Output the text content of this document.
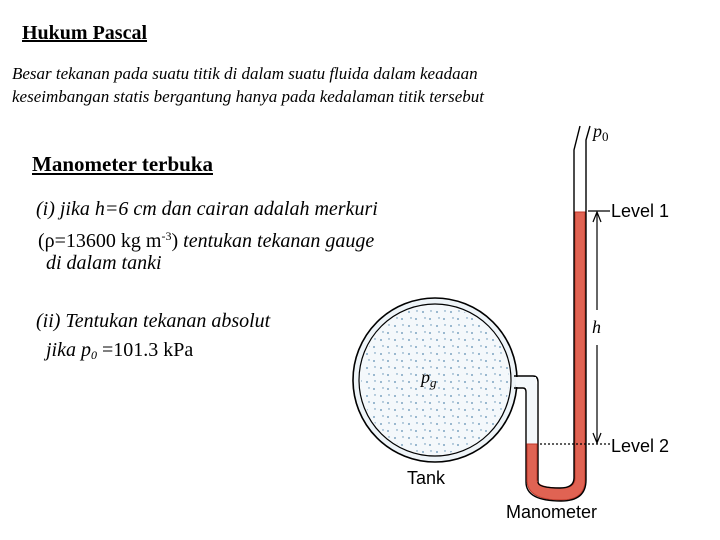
Hukum Pascal
Besar tekanan pada suatu titik di dalam suatu fluida dalam keadaan
keseimbangan statis bergantung hanya pada kedalaman titik tersebut
Manometer terbuka
(i) jika h=6 cm dan cairan adalah merkuri
(ρ=13600 kg $m^{-3}$) tentukan tekanan gauge
di dalam tanki
(ii) Tentukan tekanan absolut
jika $p_0 =101.3$ kPa
$p_0$
Level 1
h
$p_g$
Level 2
Tank
Manometer
